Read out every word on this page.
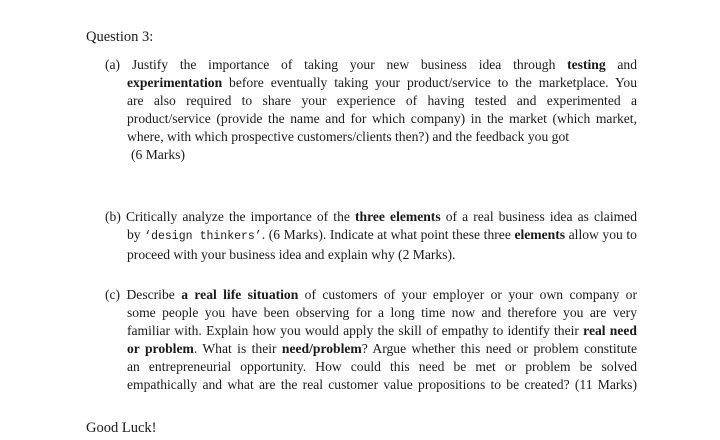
Question 3:
(a) Justify the importance of taking your new business idea through testing and
experimentation before eventually taking your product/service to the marketplace. You
are also required to share your experience of having tested and experimented a
product/service (provide the name and for which company) in the market (which market,
where, with which prospective customers/clients then?) and the feedback you got
(6 Marks)
(b) Critically analyze the importance of the three elements of a real business idea as claimed
by ‘design thinkers’. (6 Marks). Indicate at what point these three elements allow you to
proceed with your business idea and explain why (2 Marks).
(c) Describe a real life situation of customers of your employer or your own company or
some people you have been observing for a long time now and therefore you are very
familiar with. Explain how you would apply the skill of empathy to identify their real need
or problem. What is their need/problem? Argue whether this need or problem constitute
an entrepreneurial opportunity. How could this need be met or problem be solved
empathically and what are the real customer value propositions to be created? (11 Marks)
Good Luck!
